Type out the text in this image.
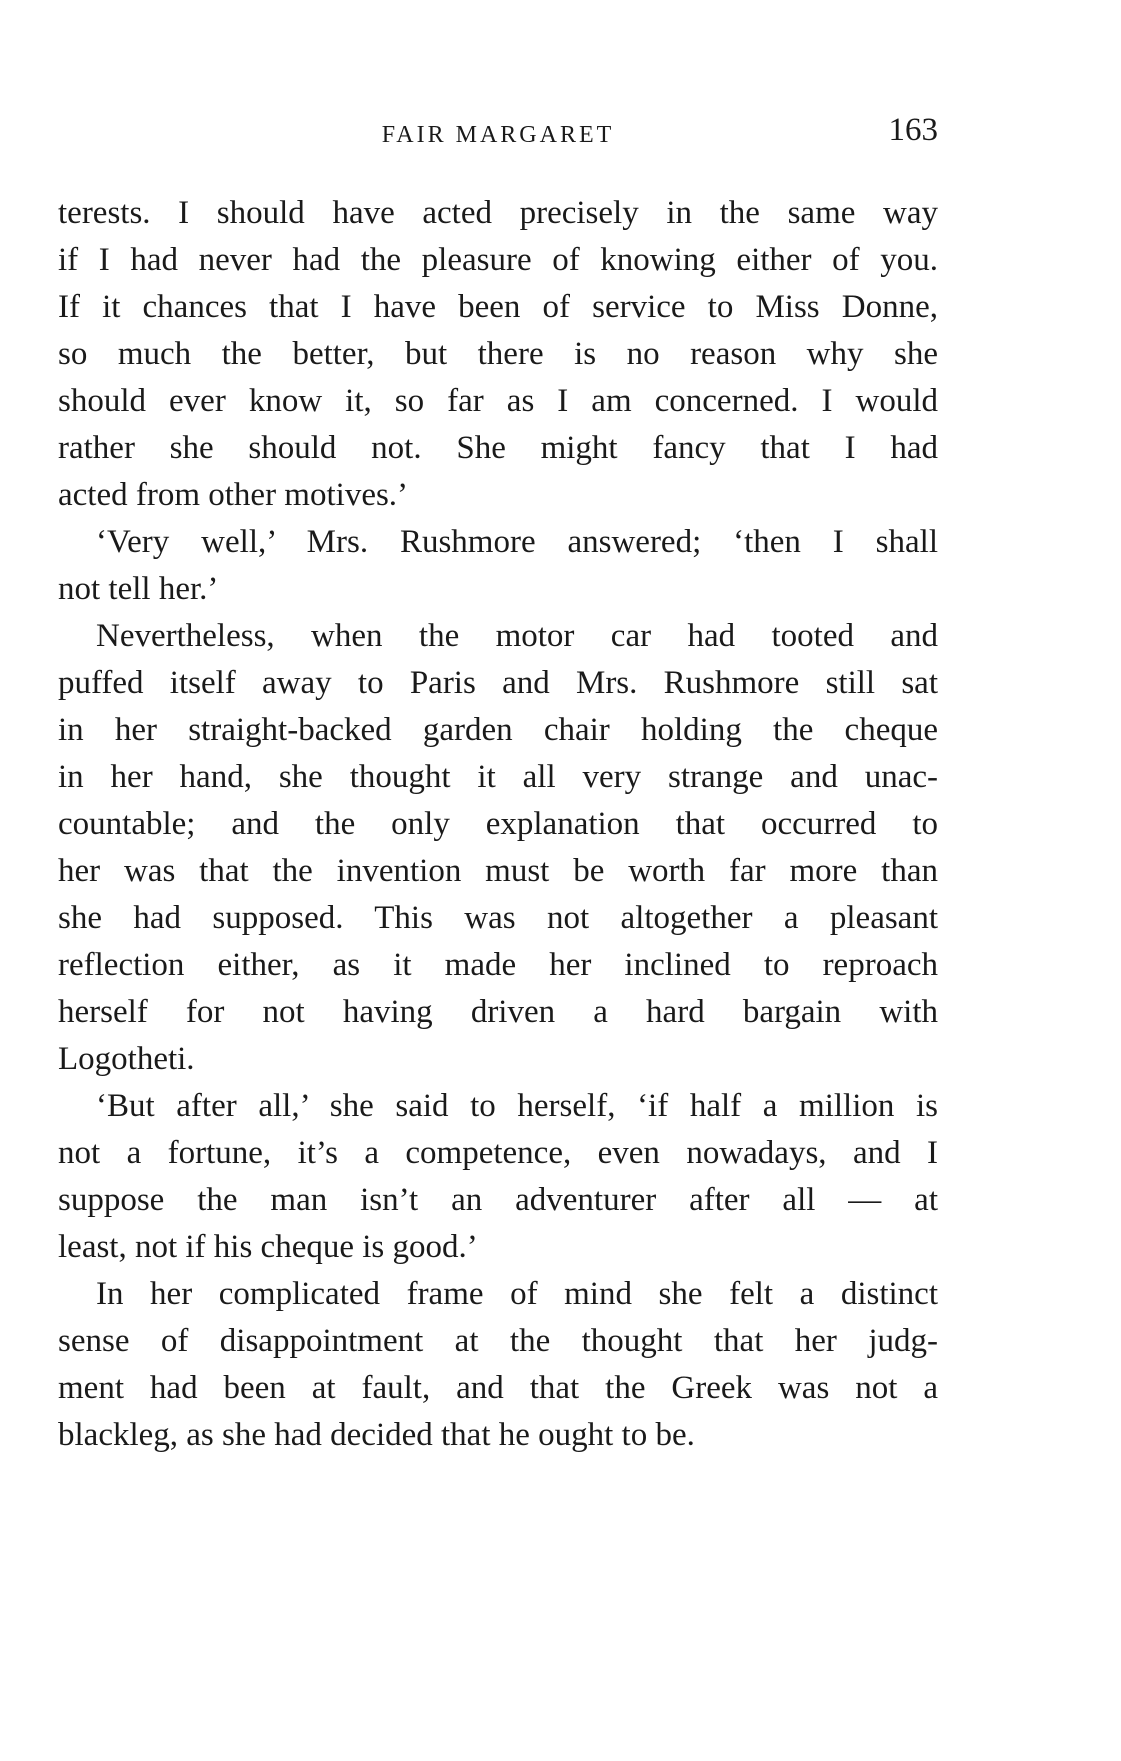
FAIR MARGARET	163
terests. I should have acted precisely in the same way
if I had never had the pleasure of knowing either of you.
If it chances that I have been of service to Miss Donne,
so much the better, but there is no reason why she
should ever know it, so far as I am concerned. I would
rather she should not. She might fancy that I had
acted from other motives.’
‘Very well,’ Mrs. Rushmore answered; ‘then I shall
not tell her.’
Nevertheless, when the motor car had tooted and
puffed itself away to Paris and Mrs. Rushmore still sat
in her straight-backed garden chair holding the cheque
in her hand, she thought it all very strange and unac-
countable; and the only explanation that occurred to
her was that the invention must be worth far more than
she had supposed. This was not altogether a pleasant
reflection either, as it made her inclined to reproach
herself for not having driven a hard bargain with
Logotheti.
‘But after all,’ she said to herself, ‘if half a million is
not a fortune, it’s a competence, even nowadays, and I
suppose the man isn’t an adventurer after all — at
least, not if his cheque is good.’
In her complicated frame of mind she felt a distinct
sense of disappointment at the thought that her judg-
ment had been at fault, and that the Greek was not a
blackleg, as she had decided that he ought to be.
